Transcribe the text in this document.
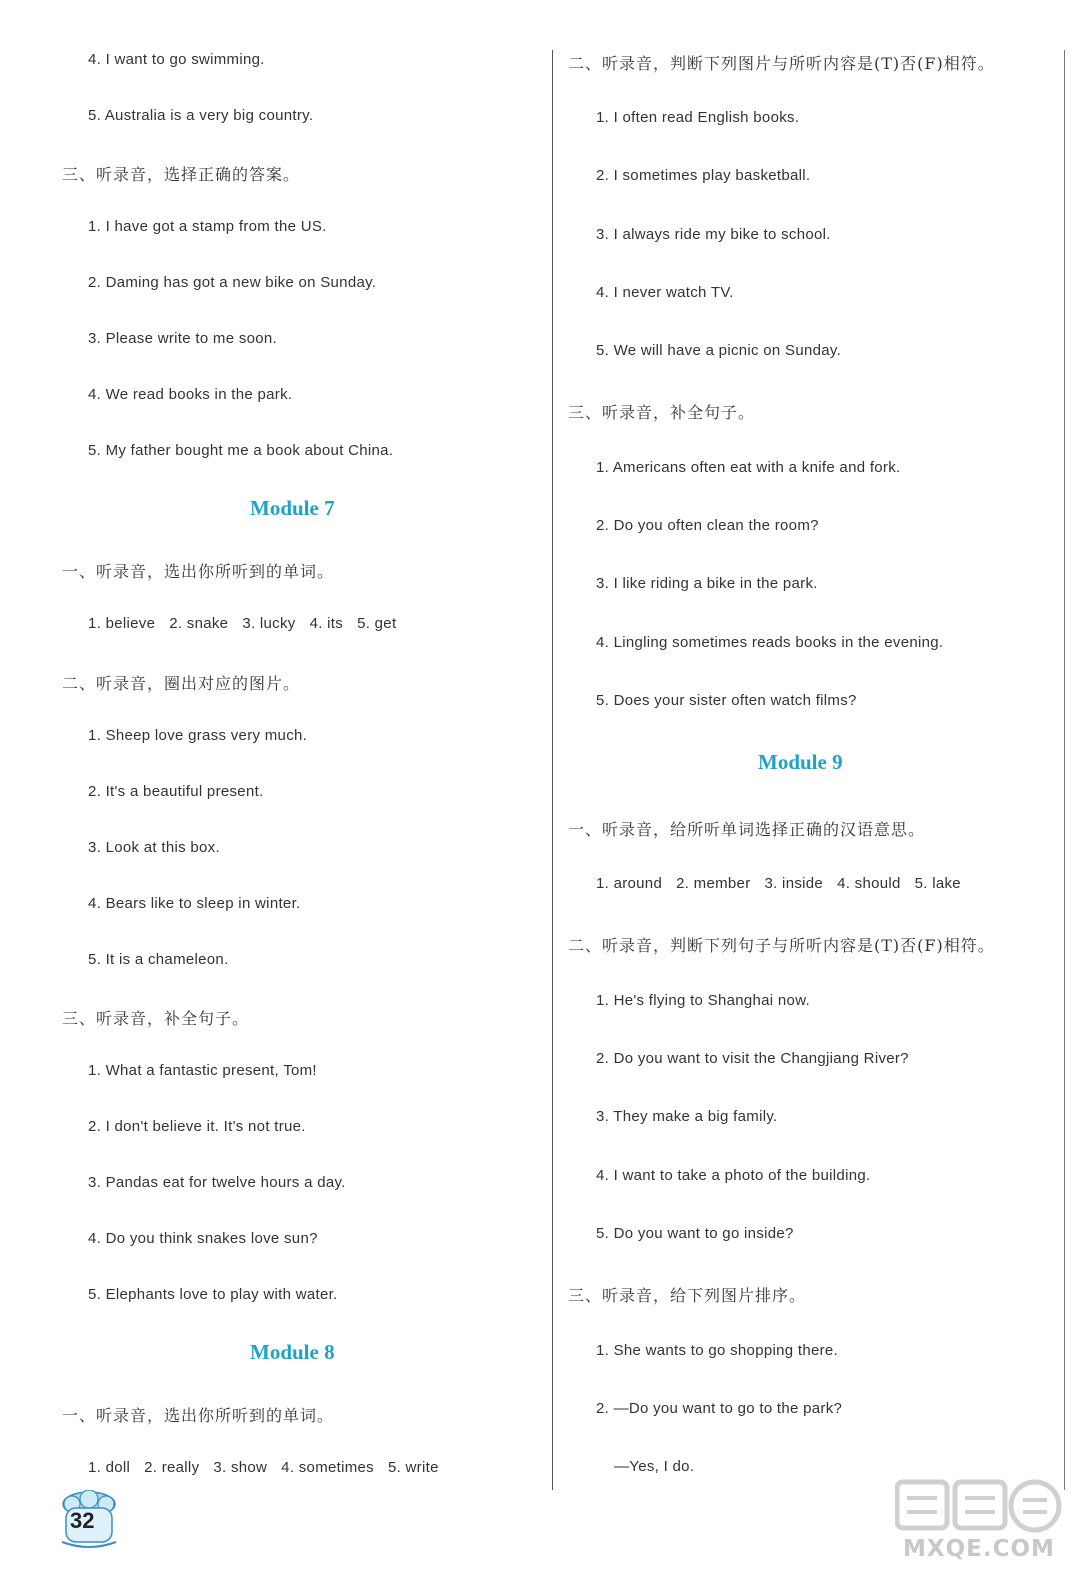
4. I want to go swimming.
5. Australia is a very big country.
三、听录音，选择正确的答案。
1. I have got a stamp from the US.
2. Daming has got a new bike on Sunday.
3. Please write to me soon.
4. We read books in the park.
5. My father bought me a book about China.
Module 7
一、听录音，选出你所听到的单词。
1. believe 2. snake 3. lucky 4. its 5. get
二、听录音，圈出对应的图片。
1. Sheep love grass very much.
2. It's a beautiful present.
3. Look at this box.
4. Bears like to sleep in winter.
5. It is a chameleon.
三、听录音，补全句子。
1. What a fantastic present, Tom!
2. I don't believe it. It's not true.
3. Pandas eat for twelve hours a day.
4. Do you think snakes love sun?
5. Elephants love to play with water.
Module 8
一、听录音，选出你所听到的单词。
1. doll 2. really 3. show 4. sometimes 5. write
二、听录音，判断下列图片与所听内容是(T)否(F)相符。
1. I often read English books.
2. I sometimes play basketball.
3. I always ride my bike to school.
4. I never watch TV.
5. We will have a picnic on Sunday.
三、听录音，补全句子。
1. Americans often eat with a knife and fork.
2. Do you often clean the room?
3. I like riding a bike in the park.
4. Lingling sometimes reads books in the evening.
5. Does your sister often watch films?
Module 9
一、听录音，给所听单词选择正确的汉语意思。
1. around 2. member 3. inside 4. should 5. lake
二、听录音，判断下列句子与所听内容是(T)否(F)相符。
1. He's flying to Shanghai now.
2. Do you want to visit the Changjiang River?
3. They make a big family.
4. I want to take a photo of the building.
5. Do you want to go inside?
三、听录音，给下列图片排序。
1. She wants to go shopping there.
2. —Do you want to go to the park?
—Yes, I do.
32
MXQE.COM
